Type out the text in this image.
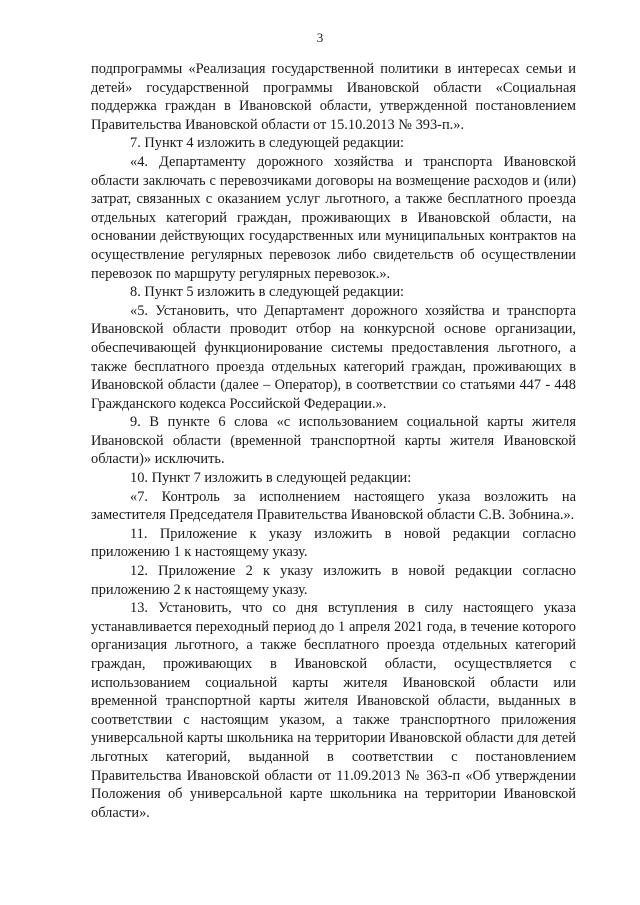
3

подпрограммы «Реализация государственной политики в интересах семьи и детей» государственной программы Ивановской области «Социальная поддержка граждан в Ивановской области, утвержденной постановлением Правительства Ивановской области от 15.10.2013 № 393-п.».

7. Пункт 4 изложить в следующей редакции:

«4. Департаменту дорожного хозяйства и транспорта Ивановской области заключать с перевозчиками договоры на возмещение расходов и (или) затрат, связанных с оказанием услуг льготного, а также бесплатного проезда отдельных категорий граждан, проживающих в Ивановской области, на основании действующих государственных или муниципальных контрактов на осуществление регулярных перевозок либо свидетельств об осуществлении перевозок по маршруту регулярных перевозок.».

8. Пункт 5 изложить в следующей редакции:

«5. Установить, что Департамент дорожного хозяйства и транспорта Ивановской области проводит отбор на конкурсной основе организации, обеспечивающей функционирование системы предоставления льготного, а также бесплатного проезда отдельных категорий граждан, проживающих в Ивановской области (далее – Оператор), в соответствии со статьями 447 - 448 Гражданского кодекса Российской Федерации.».

9. В пункте 6 слова «с использованием социальной карты жителя Ивановской области (временной транспортной карты жителя Ивановской области)» исключить.

10. Пункт 7 изложить в следующей редакции:

«7. Контроль за исполнением настоящего указа возложить на заместителя Председателя Правительства Ивановской области С.В. Зобнина.».

11. Приложение к указу изложить в новой редакции согласно приложению 1 к настоящему указу.

12. Приложение 2 к указу изложить в новой редакции согласно приложению 2 к настоящему указу.

13. Установить, что со дня вступления в силу настоящего указа устанавливается переходный период до 1 апреля 2021 года, в течение которого организация льготного, а также бесплатного проезда отдельных категорий граждан, проживающих в Ивановской области, осуществляется с использованием социальной карты жителя Ивановской области или временной транспортной карты жителя Ивановской области, выданных в соответствии с настоящим указом, а также транспортного приложения универсальной карты школьника на территории Ивановской области для детей льготных категорий, выданной в соответствии с постановлением Правительства Ивановской области от 11.09.2013 № 363-п «Об утверждении Положения об универсальной карте школьника на территории Ивановской области».
